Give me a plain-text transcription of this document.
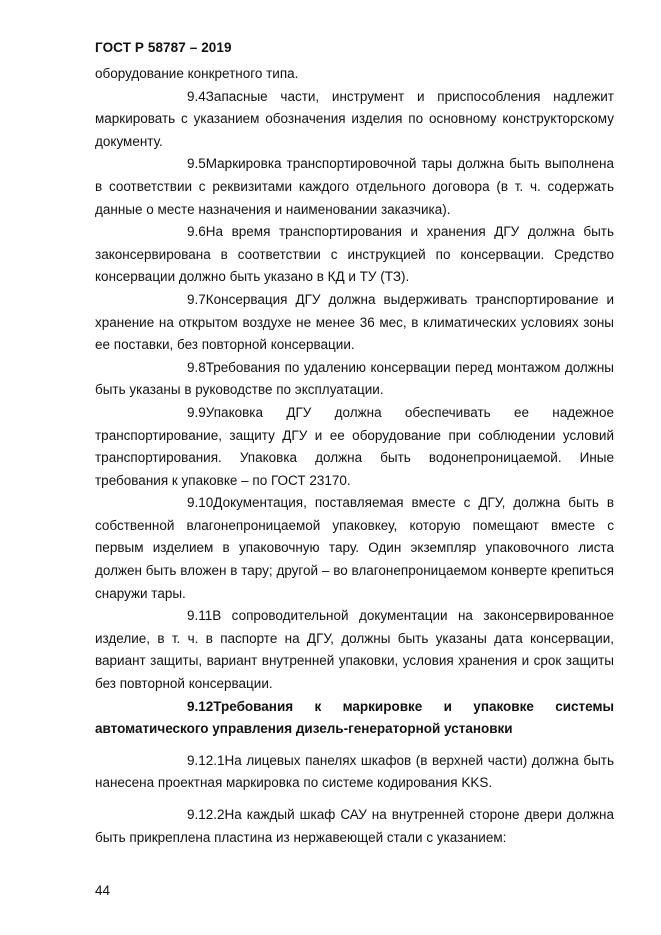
ГОСТ Р 58787 – 2019

оборудование конкретного типа.

9.4Запасные части, инструмент и приспособления надлежит маркировать с указанием обозначения изделия по основному конструкторскому документу.

9.5Маркировка транспортировочной тары должна быть выполнена в соответствии с реквизитами каждого отдельного договора (в т. ч. содержать данные о месте назначения и наименовании заказчика).

9.6На время транспортирования и хранения ДГУ должна быть законсервирована в соответствии с инструкцией по консервации. Средство консервации должно быть указано в КД и ТУ (ТЗ).

9.7Консервация ДГУ должна выдерживать транспортирование и хранение на открытом воздухе не менее 36 мес, в климатических условиях зоны ее поставки, без повторной консервации.

9.8Требования по удалению консервации перед монтажом должны быть указаны в руководстве по эксплуатации.

9.9Упаковка ДГУ должна обеспечивать ее надежное транспортирование, защиту ДГУ и ее оборудование при соблюдении условий транспортирования. Упаковка должна быть водонепроницаемой. Иные требования к упаковке – по ГОСТ 23170.

9.10Документация, поставляемая вместе с ДГУ, должна быть в собственной влагонепроницаемой упаковкеу, которую помещают вместе с первым изделием в упаковочную тару. Один экземпляр упаковочного листа должен быть вложен в тару; другой – во влагонепроницаемом конверте крепиться снаружи тары.

9.11В сопроводительной документации на законсервированное изделие, в т. ч. в паспорте на ДГУ, должны быть указаны дата консервации, вариант защиты, вариант внутренней упаковки, условия хранения и срок защиты без повторной консервации.

9.12Требования к маркировке и упаковке системы автоматического управления дизель-генераторной установки

9.12.1На лицевых панелях шкафов (в верхней части) должна быть нанесена проектная маркировка по системе кодирования KKS.

9.12.2На каждый шкаф САУ на внутренней стороне двери должна быть прикреплена пластина из нержавеющей стали с указанием:

44
